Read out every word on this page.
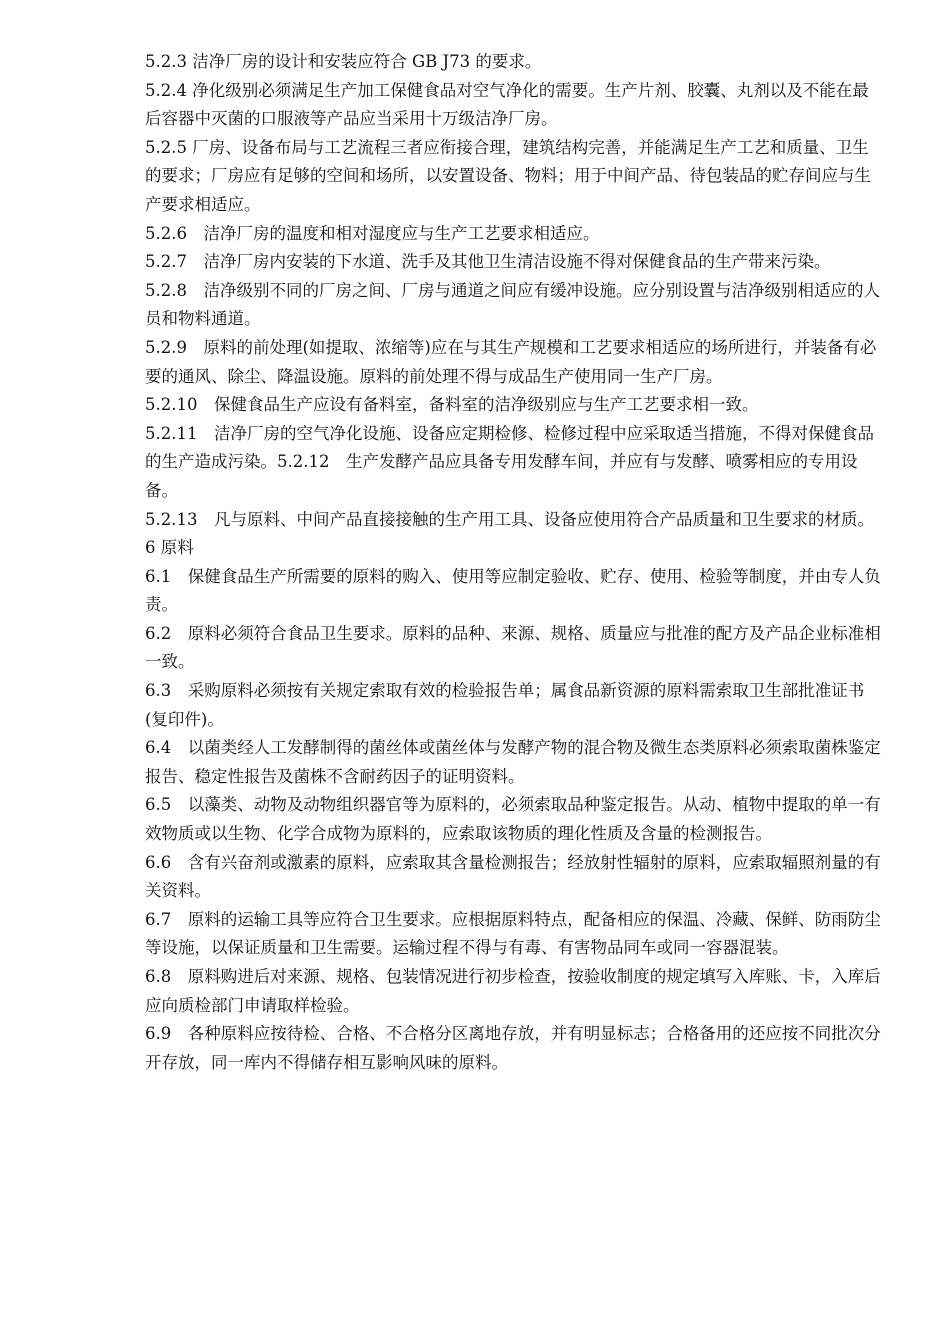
5.2.3 洁净厂房的设计和安装应符合 GB J73 的要求。

5.2.4 净化级别必须满足生产加工保健食品对空气净化的需要。生产片剂、胶囊、丸剂以及不能在最后容器中灭菌的口服液等产品应当采用十万级洁净厂房。

5.2.5 厂房、设备布局与工艺流程三者应衔接合理，建筑结构完善，并能满足生产工艺和质量、卫生的要求；厂房应有足够的空间和场所，以安置设备、物料；用于中间产品、待包装品的贮存间应与生产要求相适应。

5.2.6　洁净厂房的温度和相对湿度应与生产工艺要求相适应。

5.2.7　洁净厂房内安装的下水道、洗手及其他卫生清洁设施不得对保健食品的生产带来污染。

5.2.8　洁净级别不同的厂房之间、厂房与通道之间应有缓冲设施。应分别设置与洁净级别相适应的人员和物料通道。

5.2.9　原料的前处理(如提取、浓缩等)应在与其生产规模和工艺要求相适应的场所进行，并装备有必要的通风、除尘、降温设施。原料的前处理不得与成品生产使用同一生产厂房。

5.2.10　保健食品生产应设有备料室，备料室的洁净级别应与生产工艺要求相一致。

5.2.11　洁净厂房的空气净化设施、设备应定期检修、检修过程中应采取适当措施，不得对保健食品的生产造成污染。5.2.12　生产发酵产品应具备专用发酵车间，并应有与发酵、喷雾相应的专用设备。

5.2.13　凡与原料、中间产品直接接触的生产用工具、设备应使用符合产品质量和卫生要求的材质。

6 原料

6.1　保健食品生产所需要的原料的购入、使用等应制定验收、贮存、使用、检验等制度，并由专人负责。

6.2　原料必须符合食品卫生要求。原料的品种、来源、规格、质量应与批准的配方及产品企业标准相一致。

6.3　采购原料必须按有关规定索取有效的检验报告单；属食品新资源的原料需索取卫生部批准证书(复印件)。

6.4　以菌类经人工发酵制得的菌丝体或菌丝体与发酵产物的混合物及微生态类原料必须索取菌株鉴定报告、稳定性报告及菌株不含耐药因子的证明资料。

6.5　以藻类、动物及动物组织器官等为原料的，必须索取品种鉴定报告。从动、植物中提取的单一有效物质或以生物、化学合成物为原料的，应索取该物质的理化性质及含量的检测报告。

6.6　含有兴奋剂或激素的原料，应索取其含量检测报告；经放射性辐射的原料，应索取辐照剂量的有关资料。

6.7　原料的运输工具等应符合卫生要求。应根据原料特点，配备相应的保温、冷藏、保鲜、防雨防尘等设施，以保证质量和卫生需要。运输过程不得与有毒、有害物品同车或同一容器混装。

6.8　原料购进后对来源、规格、包装情况进行初步检查，按验收制度的规定填写入库账、卡，入库后应向质检部门申请取样检验。

6.9　各种原料应按待检、合格、不合格分区离地存放，并有明显标志；合格备用的还应按不同批次分开存放，同一库内不得储存相互影响风味的原料。
